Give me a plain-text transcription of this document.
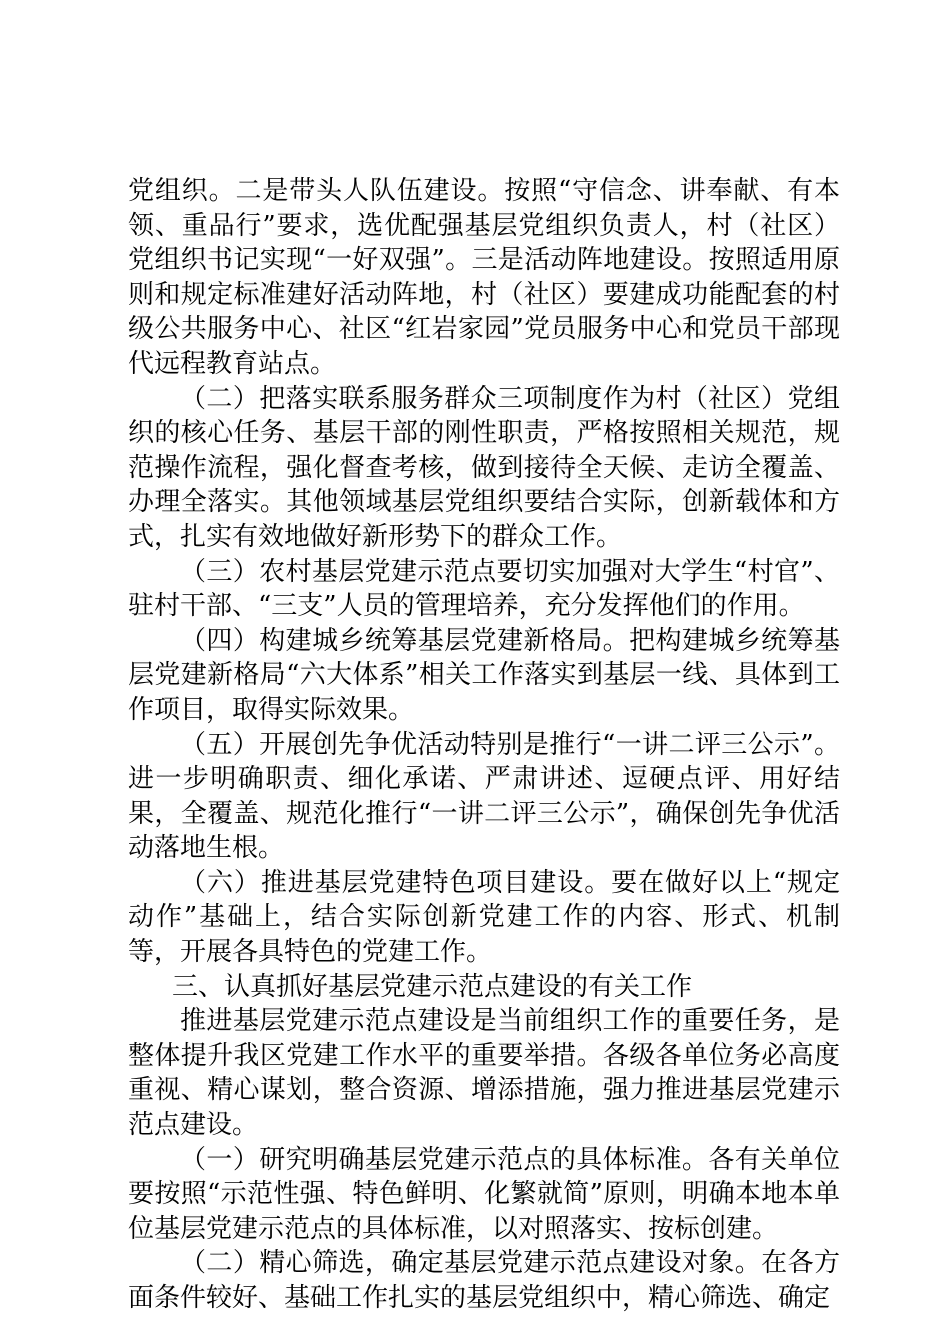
党组织。二是带头人队伍建设。按照“守信念、讲奉献、有本领、重品行”要求，选优配强基层党组织负责人，村（社区）党组织书记实现“一好双强”。三是活动阵地建设。按照适用原则和规定标准建好活动阵地，村（社区）要建成功能配套的村级公共服务中心、社区“红岩家园”党员服务中心和党员干部现代远程教育站点。

（二）把落实联系服务群众三项制度作为村（社区）党组织的核心任务、基层干部的刚性职责，严格按照相关规范，规范操作流程，强化督查考核，做到接待全天候、走访全覆盖、办理全落实。其他领域基层党组织要结合实际，创新载体和方式，扎实有效地做好新形势下的群众工作。

（三）农村基层党建示范点要切实加强对大学生“村官”、驻村干部、“三支”人员的管理培养，充分发挥他们的作用。

（四）构建城乡统筹基层党建新格局。把构建城乡统筹基层党建新格局“六大体系”相关工作落实到基层一线、具体到工作项目，取得实际效果。

（五）开展创先争优活动特别是推行“一讲二评三公示”。进一步明确职责、细化承诺、严肃讲述、逗硬点评、用好结果，全覆盖、规范化推行“一讲二评三公示”，确保创先争优活动落地生根。

（六）推进基层党建特色项目建设。要在做好以上“规定动作”基础上，结合实际创新党建工作的内容、形式、机制等，开展各具特色的党建工作。

三、认真抓好基层党建示范点建设的有关工作

推进基层党建示范点建设是当前组织工作的重要任务，是整体提升我区党建工作水平的重要举措。各级各单位务必高度重视、精心谋划，整合资源、增添措施，强力推进基层党建示范点建设。

（一）研究明确基层党建示范点的具体标准。各有关单位要按照“示范性强、特色鲜明、化繁就简”原则，明确本地本单位基层党建示范点的具体标准，以对照落实、按标创建。

（二）精心筛选，确定基层党建示范点建设对象。在各方面条件较好、基础工作扎实的基层党组织中，精心筛选、确定
